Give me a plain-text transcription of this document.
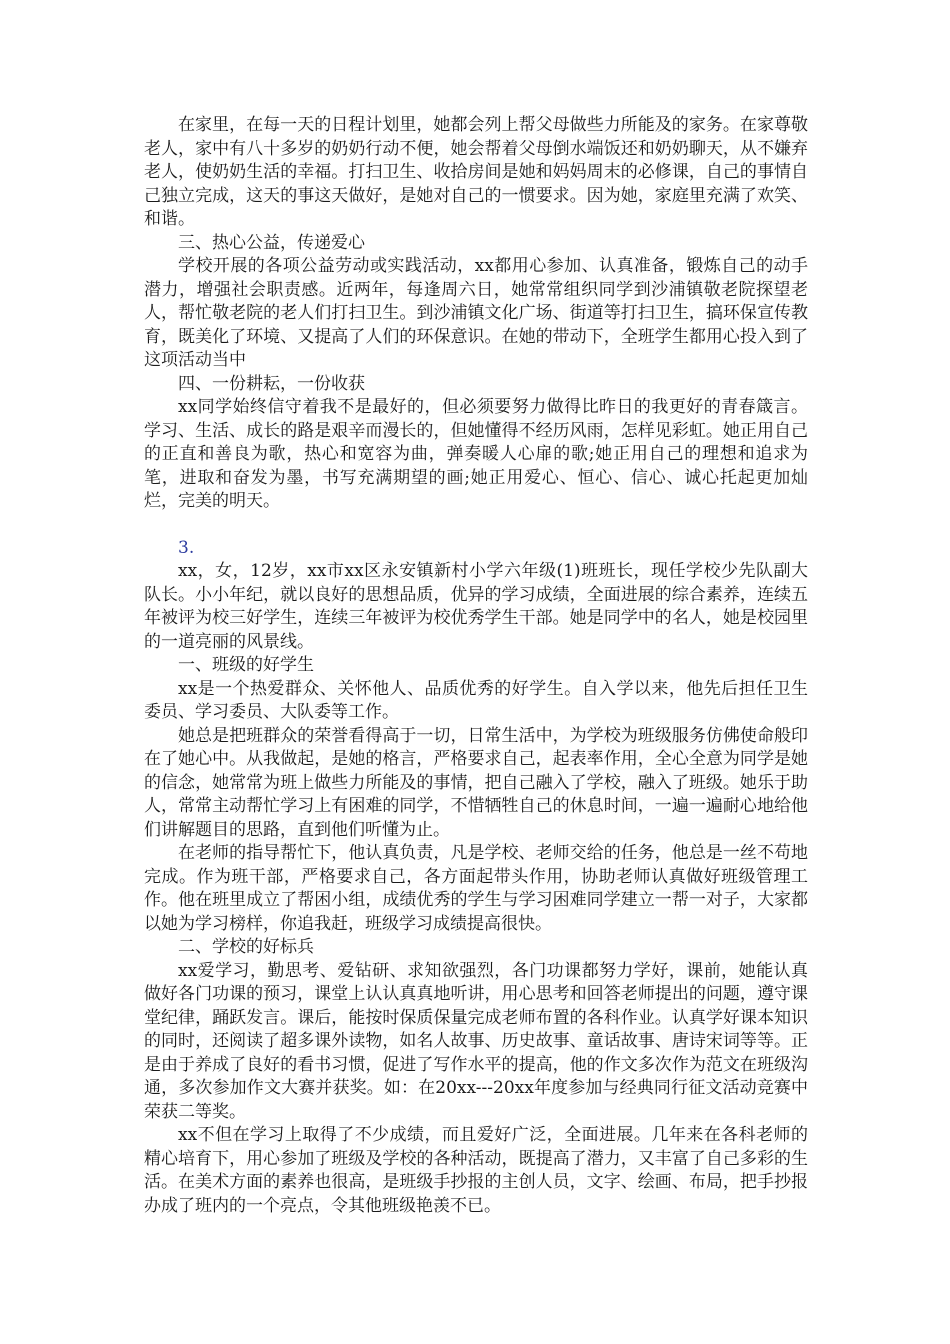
在家里，在每一天的日程计划里，她都会列上帮父母做些力所能及的家务。在家尊敬老人，家中有八十多岁的奶奶行动不便，她会帮着父母倒水端饭还和奶奶聊天，从不嫌弃老人，使奶奶生活的幸福。打扫卫生、收拾房间是她和妈妈周末的必修课，自己的事情自己独立完成，这天的事这天做好，是她对自己的一惯要求。因为她，家庭里充满了欢笑、和谐。

三、热心公益，传递爱心

学校开展的各项公益劳动或实践活动，xx都用心参加、认真准备，锻炼自己的动手潜力，增强社会职责感。近两年，每逢周六日，她常常组织同学到沙浦镇敬老院探望老人，帮忙敬老院的老人们打扫卫生。到沙浦镇文化广场、街道等打扫卫生，搞环保宣传教育，既美化了环境、又提高了人们的环保意识。在她的带动下，全班学生都用心投入到了这项活动当中

四、一份耕耘，一份收获

xx同学始终信守着我不是最好的，但必须要努力做得比昨日的我更好的青春箴言。学习、生活、成长的路是艰辛而漫长的，但她懂得不经历风雨，怎样见彩虹。她正用自己的正直和善良为歌，热心和宽容为曲，弹奏暖人心扉的歌;她正用自己的理想和追求为笔，进取和奋发为墨，书写充满期望的画;她正用爱心、恒心、信心、诚心托起更加灿烂，完美的明天。

3.

xx，女，12岁，xx市xx区永安镇新村小学六年级(1)班班长，现任学校少先队副大队长。小小年纪，就以良好的思想品质，优异的学习成绩，全面进展的综合素养，连续五年被评为校三好学生，连续三年被评为校优秀学生干部。她是同学中的名人，她是校园里的一道亮丽的风景线。

一、班级的好学生

xx是一个热爱群众、关怀他人、品质优秀的好学生。自入学以来，他先后担任卫生委员、学习委员、大队委等工作。

她总是把班群众的荣誉看得高于一切，日常生活中，为学校为班级服务仿佛使命般印在了她心中。从我做起，是她的格言，严格要求自己，起表率作用，全心全意为同学是她的信念，她常常为班上做些力所能及的事情，把自己融入了学校，融入了班级。她乐于助人，常常主动帮忙学习上有困难的同学，不惜牺牲自己的休息时间，一遍一遍耐心地给他们讲解题目的思路，直到他们听懂为止。

在老师的指导帮忙下，他认真负责，凡是学校、老师交给的任务，他总是一丝不苟地完成。作为班干部，严格要求自己，各方面起带头作用，协助老师认真做好班级管理工作。他在班里成立了帮困小组，成绩优秀的学生与学习困难同学建立一帮一对子，大家都以她为学习榜样，你追我赶，班级学习成绩提高很快。

二、学校的好标兵

xx爱学习，勤思考、爱钻研、求知欲强烈，各门功课都努力学好，课前，她能认真做好各门功课的预习，课堂上认认真真地听讲，用心思考和回答老师提出的问题，遵守课堂纪律，踊跃发言。课后，能按时保质保量完成老师布置的各科作业。认真学好课本知识的同时，还阅读了超多课外读物，如名人故事、历史故事、童话故事、唐诗宋词等等。正是由于养成了良好的看书习惯，促进了写作水平的提高，他的作文多次作为范文在班级沟通，多次参加作文大赛并获奖。如：在20xx---20xx年度参加与经典同行征文活动竞赛中荣获二等奖。

xx不但在学习上取得了不少成绩，而且爱好广泛，全面进展。几年来在各科老师的精心培育下，用心参加了班级及学校的各种活动，既提高了潜力，又丰富了自己多彩的生活。在美术方面的素养也很高，是班级手抄报的主创人员，文字、绘画、布局，把手抄报办成了班内的一个亮点，令其他班级艳羡不已。
